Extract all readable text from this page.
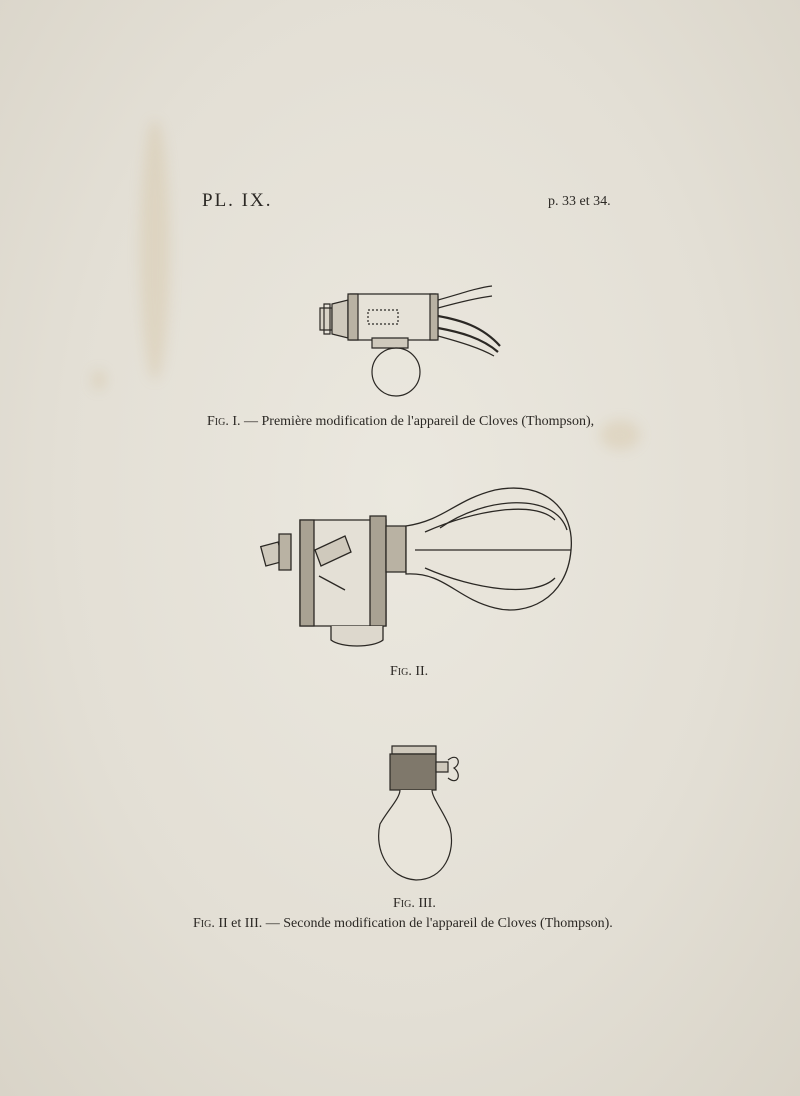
PL. IX.	p. 33 et 34.
Fig. I. — Première modification de l'appareil de Cloves (Thompson),
Fig. II.
Fig. III.
Fig. II et III. — Seconde modification de l'appareil de Cloves (Thompson).
